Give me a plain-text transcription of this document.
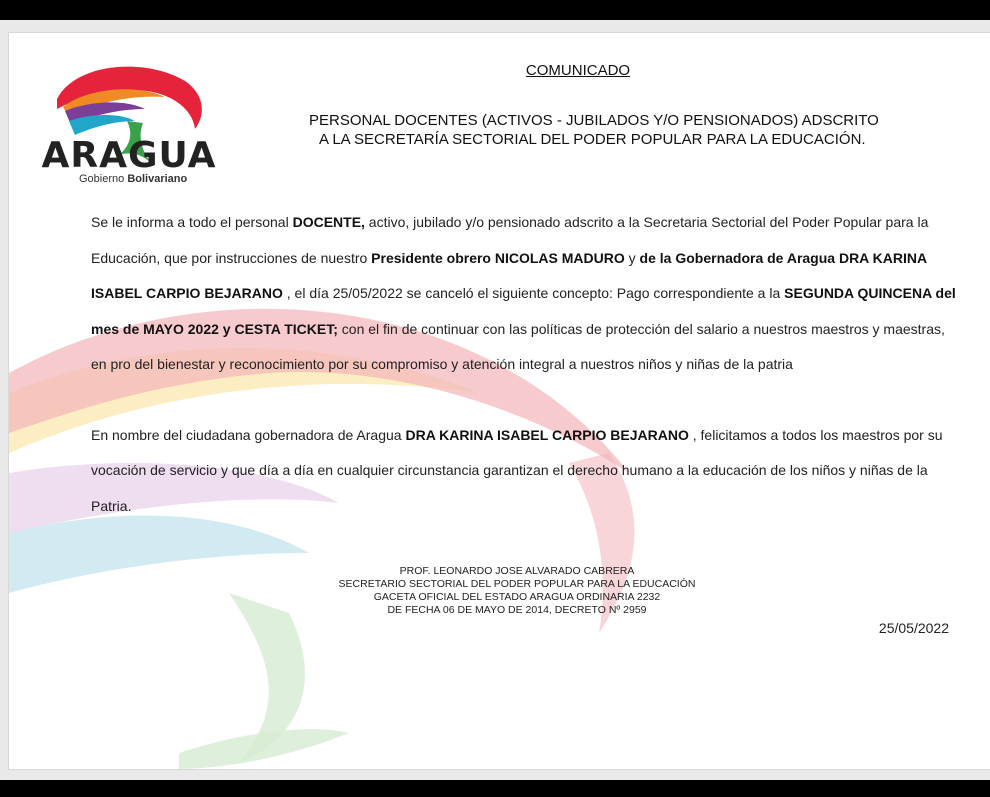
ARAGUA
Gobierno Bolivariano
COMUNICADO
PERSONAL DOCENTES (ACTIVOS - JUBILADOS Y/O PENSIONADOS) ADSCRITO
A LA SECRETARÍA SECTORIAL DEL PODER POPULAR PARA LA EDUCACIÓN.

Se le informa a todo el personal DOCENTE, activo, jubilado y/o pensionado adscrito a la Secretaria Sectorial del Poder Popular para la Educación, que por instrucciones de nuestro Presidente obrero NICOLAS MADURO y de la Gobernadora de Aragua DRA KARINA ISABEL CARPIO BEJARANO , el día 25/05/2022 se canceló el siguiente concepto: Pago correspondiente a la SEGUNDA QUINCENA del mes de MAYO 2022 y CESTA TICKET; con el fin de continuar con las políticas de protección del salario a nuestros maestros y maestras, en pro del bienestar y reconocimiento por su compromiso y atención integral a nuestros niños y niñas de la patria

En nombre del ciudadana gobernadora de Aragua DRA KARINA ISABEL CARPIO BEJARANO , felicitamos a todos los maestros por su vocación de servicio y que día a día en cualquier circunstancia garantizan el derecho humano a la educación de los niños y niñas de la Patria.

PROF. LEONARDO JOSE ALVARADO CABRERA
SECRETARIO SECTORIAL DEL PODER POPULAR PARA LA EDUCACIÓN
GACETA OFICIAL DEL ESTADO ARAGUA ORDINARIA 2232
DE FECHA 06 DE MAYO DE 2014, DECRETO Nº 2959
25/05/2022
